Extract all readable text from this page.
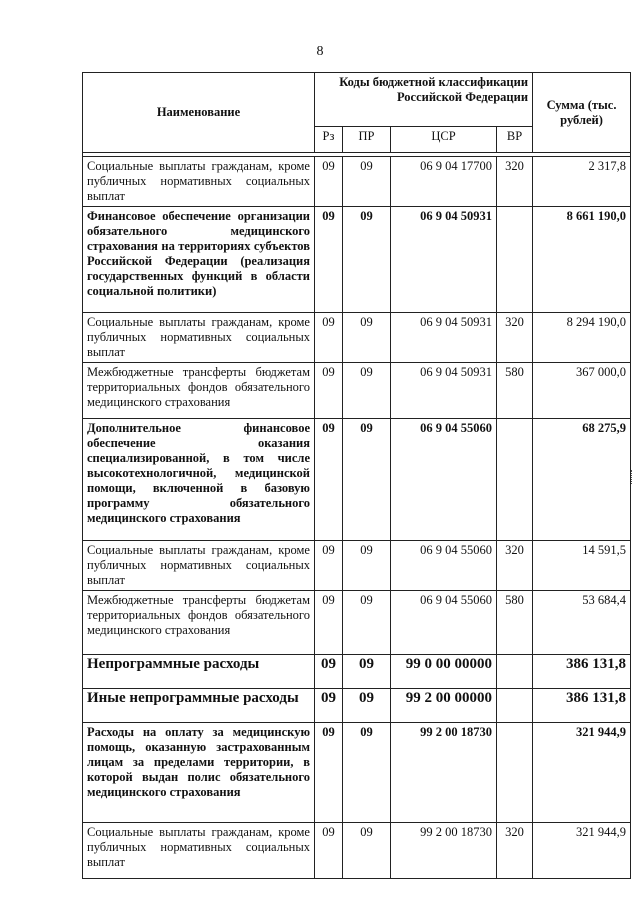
8
Наименование	Коды бюджетной классификации Российской Федерации				Сумма (тыс. рублей)
	Рз	ПР	ЦСР	ВР	

Социальные выплаты гражданам, кроме публичных нормативных социальных выплат	09	09	06 9 04 17700	320	2 317,8
Финансовое обеспечение организации обязательного медицинского страхования на территориях субъектов Российской Федерации (реализация государственных функций в области социальной политики)	09	09	06 9 04 50931		8 661 190,0
Социальные выплаты гражданам, кроме публичных нормативных социальных выплат	09	09	06 9 04 50931	320	8 294 190,0
Межбюджетные трансферты бюджетам территориальных фондов обязательного медицинского страхования	09	09	06 9 04 50931	580	367 000,0
Дополнительное финансовое обеспечение оказания специализированной, в том числе высокотехнологичной, медицинской помощи, включенной в базовую программу обязательного медицинского страхования	09	09	06 9 04 55060		68 275,9
Социальные выплаты гражданам, кроме публичных нормативных социальных выплат	09	09	06 9 04 55060	320	14 591,5
Межбюджетные трансферты бюджетам территориальных фондов обязательного медицинского страхования	09	09	06 9 04 55060	580	53 684,4
Непрограммные расходы	09	09	99 0 00 00000		386 131,8
Иные непрограммные расходы	09	09	99 2 00 00000		386 131,8
Расходы на оплату за медицинскую помощь, оказанную застрахованным лицам за пределами территории, в которой выдан полис обязательного медицинского страхования	09	09	99 2 00 18730		321 944,9
Социальные выплаты гражданам, кроме публичных нормативных социальных выплат	09	09	99 2 00 18730	320	321 944,9
